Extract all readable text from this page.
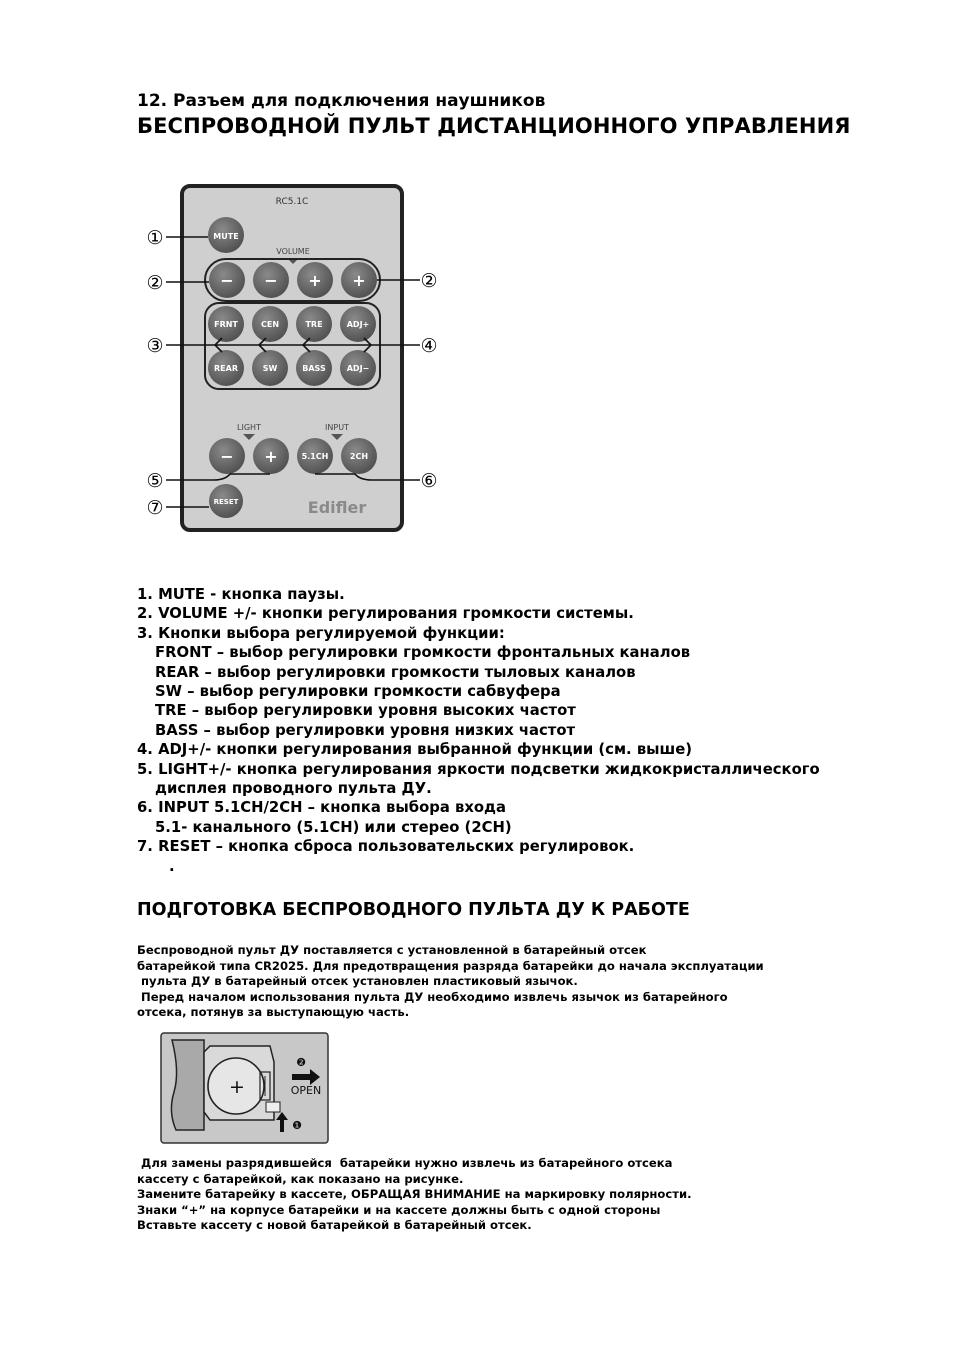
12. Разъем для подключения наушников
БЕСПРОВОДНОЙ ПУЛЬТ ДИСТАНЦИОННОГО УПРАВЛЕНИЯ
RC5.1C
MUTE
VOLUME
− − + +
FRNT	CEN	TRE	ADJ+
REAR	SW	BASS	ADJ−
LIGHT	INPUT
− +	5.1CH	2CH
RESET	Edifler
①
②	②
③	④
⑤	⑥
⑦
1. MUTE - кнопка паузы.
2. VOLUME +/- кнопки регулирования громкости системы.
3. Кнопки выбора регулируемой функции:
FRONT – выбор регулировки громкости фронтальных каналов
REAR – выбор регулировки громкости тыловых каналов
SW – выбор регулировки громкости сабвуфера
TRE – выбор регулировки уровня высоких частот
BASS – выбор регулировки уровня низких частот
4. ADJ+/- кнопки регулирования выбранной функции (см. выше)
5. LIGHT+/- кнопка регулирования яркости подсветки жидкокристаллического
дисплея проводного пульта ДУ.
6. INPUT 5.1CH/2CH – кнопка выбора входа
5.1- канального (5.1CH) или стерео (2CH)
7. RESET – кнопка сброса пользовательских регулировок.
.
ПОДГОТОВКА БЕСПРОВОДНОГО ПУЛЬТА ДУ К РАБОТЕ
Беспроводной пульт ДУ поставляется с установленной в батарейный отсек
батарейкой типа CR2025. Для предотвращения разряда батарейки до начала эксплуатации
пульта ДУ в батарейный отсек установлен пластиковый язычок.
Перед началом использования пульта ДУ необходимо извлечь язычок из батарейного
отсека, потянув за выступающую часть.
+
❷
OPEN
❶
Для замены разрядившейся  батарейки нужно извлечь из батарейного отсека
кассету с батарейкой, как показано на рисунке.
Замените батарейку в кассете, ОБРАЩАЯ ВНИМАНИЕ на маркировку полярности.
Знаки “+” на корпусе батарейки и на кассете должны быть с одной стороны
Вставьте кассету с новой батарейкой в батарейный отсек.
